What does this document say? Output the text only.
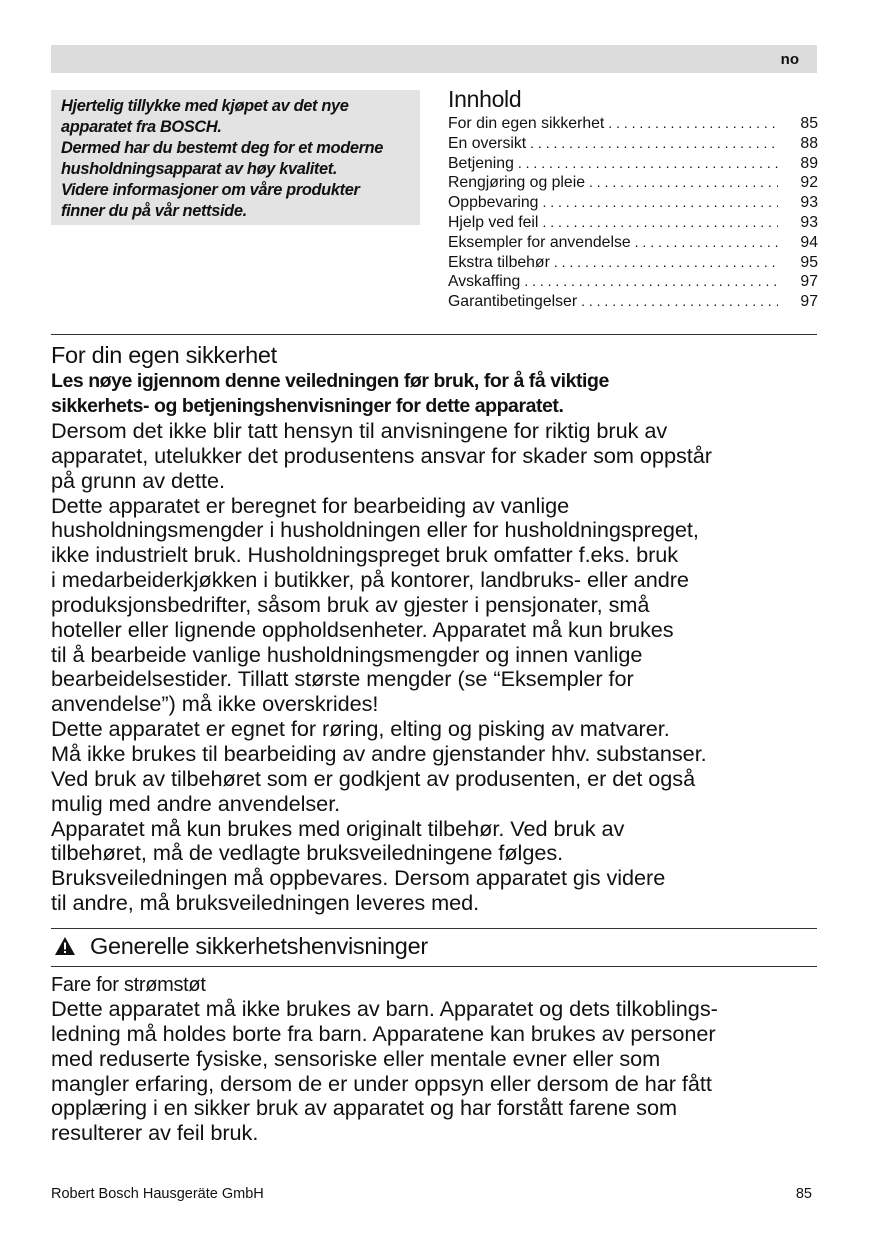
no

Hjertelig tillykke med kjøpet av det nye

apparatet fra BOSCH.

Dermed har du bestemt deg for et moderne

husholdningsapparat av høy kvalitet.

Videre informasjoner om våre produkter

finner du på vår nettside.

Innhold
For din egen sikkerhet . . .	85
En oversikt . . .	88
Betjening . . .	89
Rengjøring og pleie . . .	92
Oppbevaring . . .	93
Hjelp ved feil . . .	93
Eksempler for anvendelse . . .	94
Ekstra tilbehør . . .	95
Avskaffing . . .	97
Garantibetingelser . . .	97
For din egen sikkerhet

Les nøye igjennom denne veiledningen før bruk, for å få viktige

sikkerhets- og betjeningshenvisninger for dette apparatet.

Dersom det ikke blir tatt hensyn til anvisningene for riktig bruk av

apparatet, utelukker det produsentens ansvar for skader som oppstår

på grunn av dette.

Dette apparatet er beregnet for bearbeiding av vanlige

husholdningsmengder i husholdningen eller for husholdningspreget,

ikke industrielt bruk. Husholdningspreget bruk omfatter f.eks. bruk

i medarbeiderkjøkken i butikker, på kontorer, landbruks- eller andre

produksjonsbedrifter, såsom bruk av gjester i pensjonater, små

hoteller eller lignende oppholdsenheter. Apparatet må kun brukes

til å bearbeide vanlige husholdningsmengder og innen vanlige

bearbeidelsestider. Tillatt største mengder (se “Eksempler for

anvendelse”) må ikke overskrides!

Dette apparatet er egnet for røring, elting og pisking av matvarer.

Må ikke brukes til bearbeiding av andre gjenstander hhv. substanser.

Ved bruk av tilbehøret som er godkjent av produsenten, er det også

mulig med andre anvendelser.

Apparatet må kun brukes med originalt tilbehør. Ved bruk av

tilbehøret, må de vedlagte bruksveiledningene følges.

Bruksveiledningen må oppbevares. Dersom apparatet gis videre

til andre, må bruksveiledningen leveres med.

Generelle sikkerhetshenvisninger
Fare for strømstøt

Dette apparatet må ikke brukes av barn. Apparatet og dets tilkoblings-

ledning må holdes borte fra barn. Apparatene kan brukes av personer

med reduserte fysiske, sensoriske eller mentale evner eller som

mangler erfaring, dersom de er under oppsyn eller dersom de har fått

opplæring i en sikker bruk av apparatet og har forstått farene som

resulterer av feil bruk.

Robert Bosch Hausgeräte GmbH	85
